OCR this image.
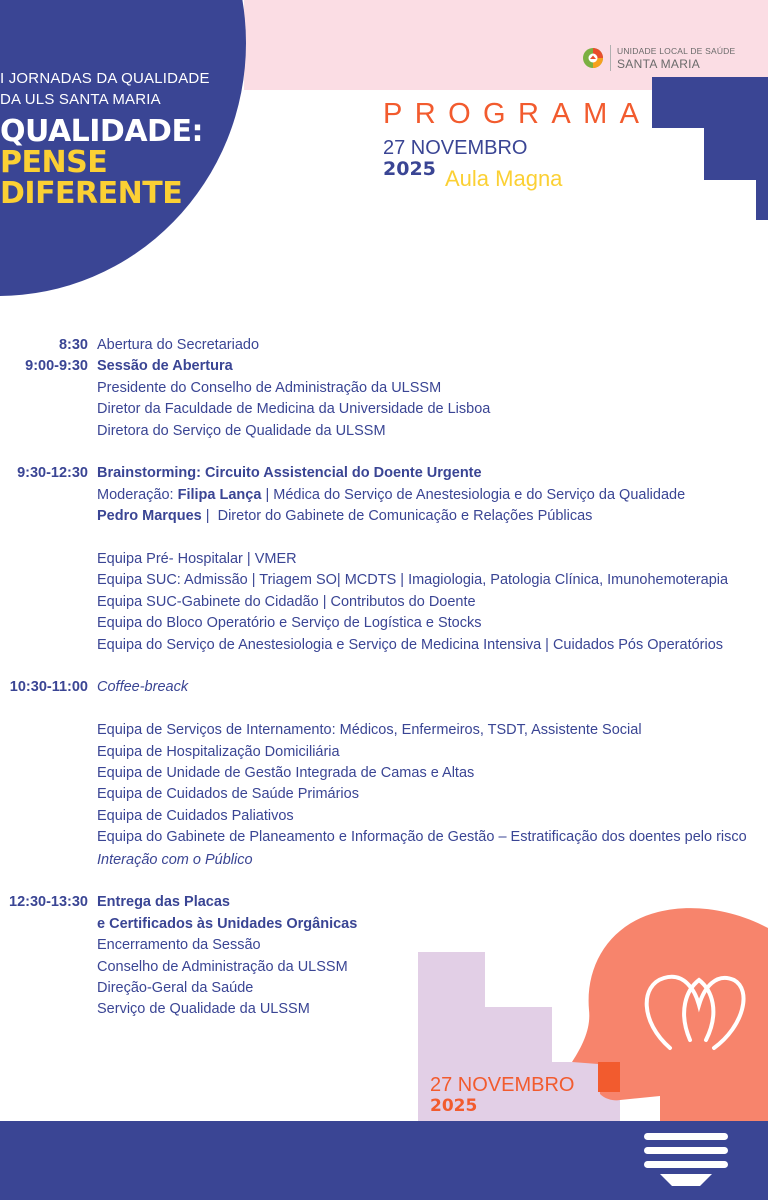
I JORNADAS DA QUALIDADE
DA ULS SANTA MARIA
QUALIDADE:
PENSE
DIFERENTE
UNIDADE LOCAL DE SAÚDE
SANTA MARIA
PROGRAMA
27 NOVEMBRO
2025 Aula Magna
8:30 Abertura do Secretariado
9:00-9:30 Sessão de Abertura
Presidente do Conselho de Administração da ULSSM
Diretor da Faculdade de Medicina da Universidade de Lisboa
Diretora do Serviço de Qualidade da ULSSM
9:30-12:30 Brainstorming: Circuito Assistencial do Doente Urgente
Moderação: Filipa Lança | Médica do Serviço de Anestesiologia e do Serviço da Qualidade
Pedro Marques |  Diretor do Gabinete de Comunicação e Relações Públicas
Equipa Pré- Hospitalar | VMER
Equipa SUC: Admissão | Triagem SO| MCDTS | Imagiologia, Patologia Clínica, Imunohemoterapia
Equipa SUC-Gabinete do Cidadão | Contributos do Doente
Equipa do Bloco Operatório e Serviço de Logística e Stocks
Equipa do Serviço de Anestesiologia e Serviço de Medicina Intensiva | Cuidados Pós Operatórios
10:30-11:00 Coffee-breack
Equipa de Serviços de Internamento: Médicos, Enfermeiros, TSDT, Assistente Social
Equipa de Hospitalização Domiciliária
Equipa de Unidade de Gestão Integrada de Camas e Altas
Equipa de Cuidados de Saúde Primários
Equipa de Cuidados Paliativos
Equipa do Gabinete de Planeamento e Informação de Gestão – Estratificação dos doentes pelo risco
Interação com o Público
12:30-13:30 Entrega das Placas
e Certificados às Unidades Orgânicas
Encerramento da Sessão
Conselho de Administração da ULSSM
Direção-Geral da Saúde
Serviço de Qualidade da ULSSM
27 NOVEMBRO
2025
